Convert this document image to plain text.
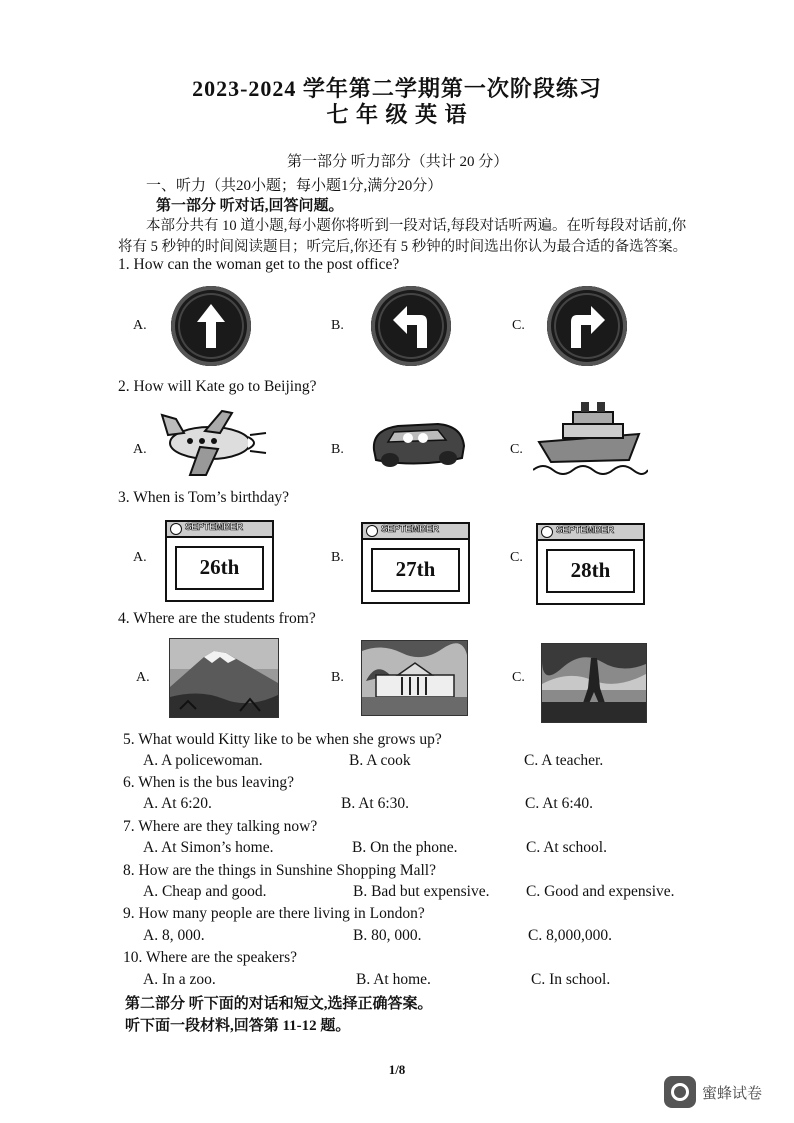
2023-2024 学年第二学期第一次阶段练习
七 年 级 英 语
第一部分 听力部分（共计 20 分）
一、听力（共20小题；每小题1分,满分20分）
第一部分 听对话,回答问题。
本部分共有 10 道小题,每小题你将听到一段对话,每段对话听两遍。在听每段对话前,你
将有 5 秒钟的时间阅读题目；听完后,你还有 5 秒钟的时间选出你认为最合适的备选答案。
1. How can the woman get to the post office?
A.	B.	C.
2. How will Kate go to Beijing?
A.	B.	C.
3. When is Tom’s birthday?
A.
SEPTEMBER
26th	B.
SEPTEMBER
27th	C.
SEPTEMBER
28th
4. Where are the students from?
A.	B.	C.
5. What would Kitty like to be when she grows up?
A. A policewoman.	B. A cook	C. A teacher.
6. When is the bus leaving?
A. At 6:20.	B. At 6:30.	C. At 6:40.
7. Where are they talking now?
A. At Simon’s home.	B. On the phone.	C. At school.
8. How are the things in Sunshine Shopping Mall?
A. Cheap and good.	B. Bad but expensive. C. Good and expensive.
9. How many people are there living in London?
A. 8, 000.	B. 80, 000.	C. 8,000,000.
10. Where are the speakers?
A. In a zoo.	B. At home.	C. In school.
第二部分 听下面的对话和短文,选择正确答案。
听下面一段材料,回答第 11-12 题。
1/8
蜜蜂试卷
